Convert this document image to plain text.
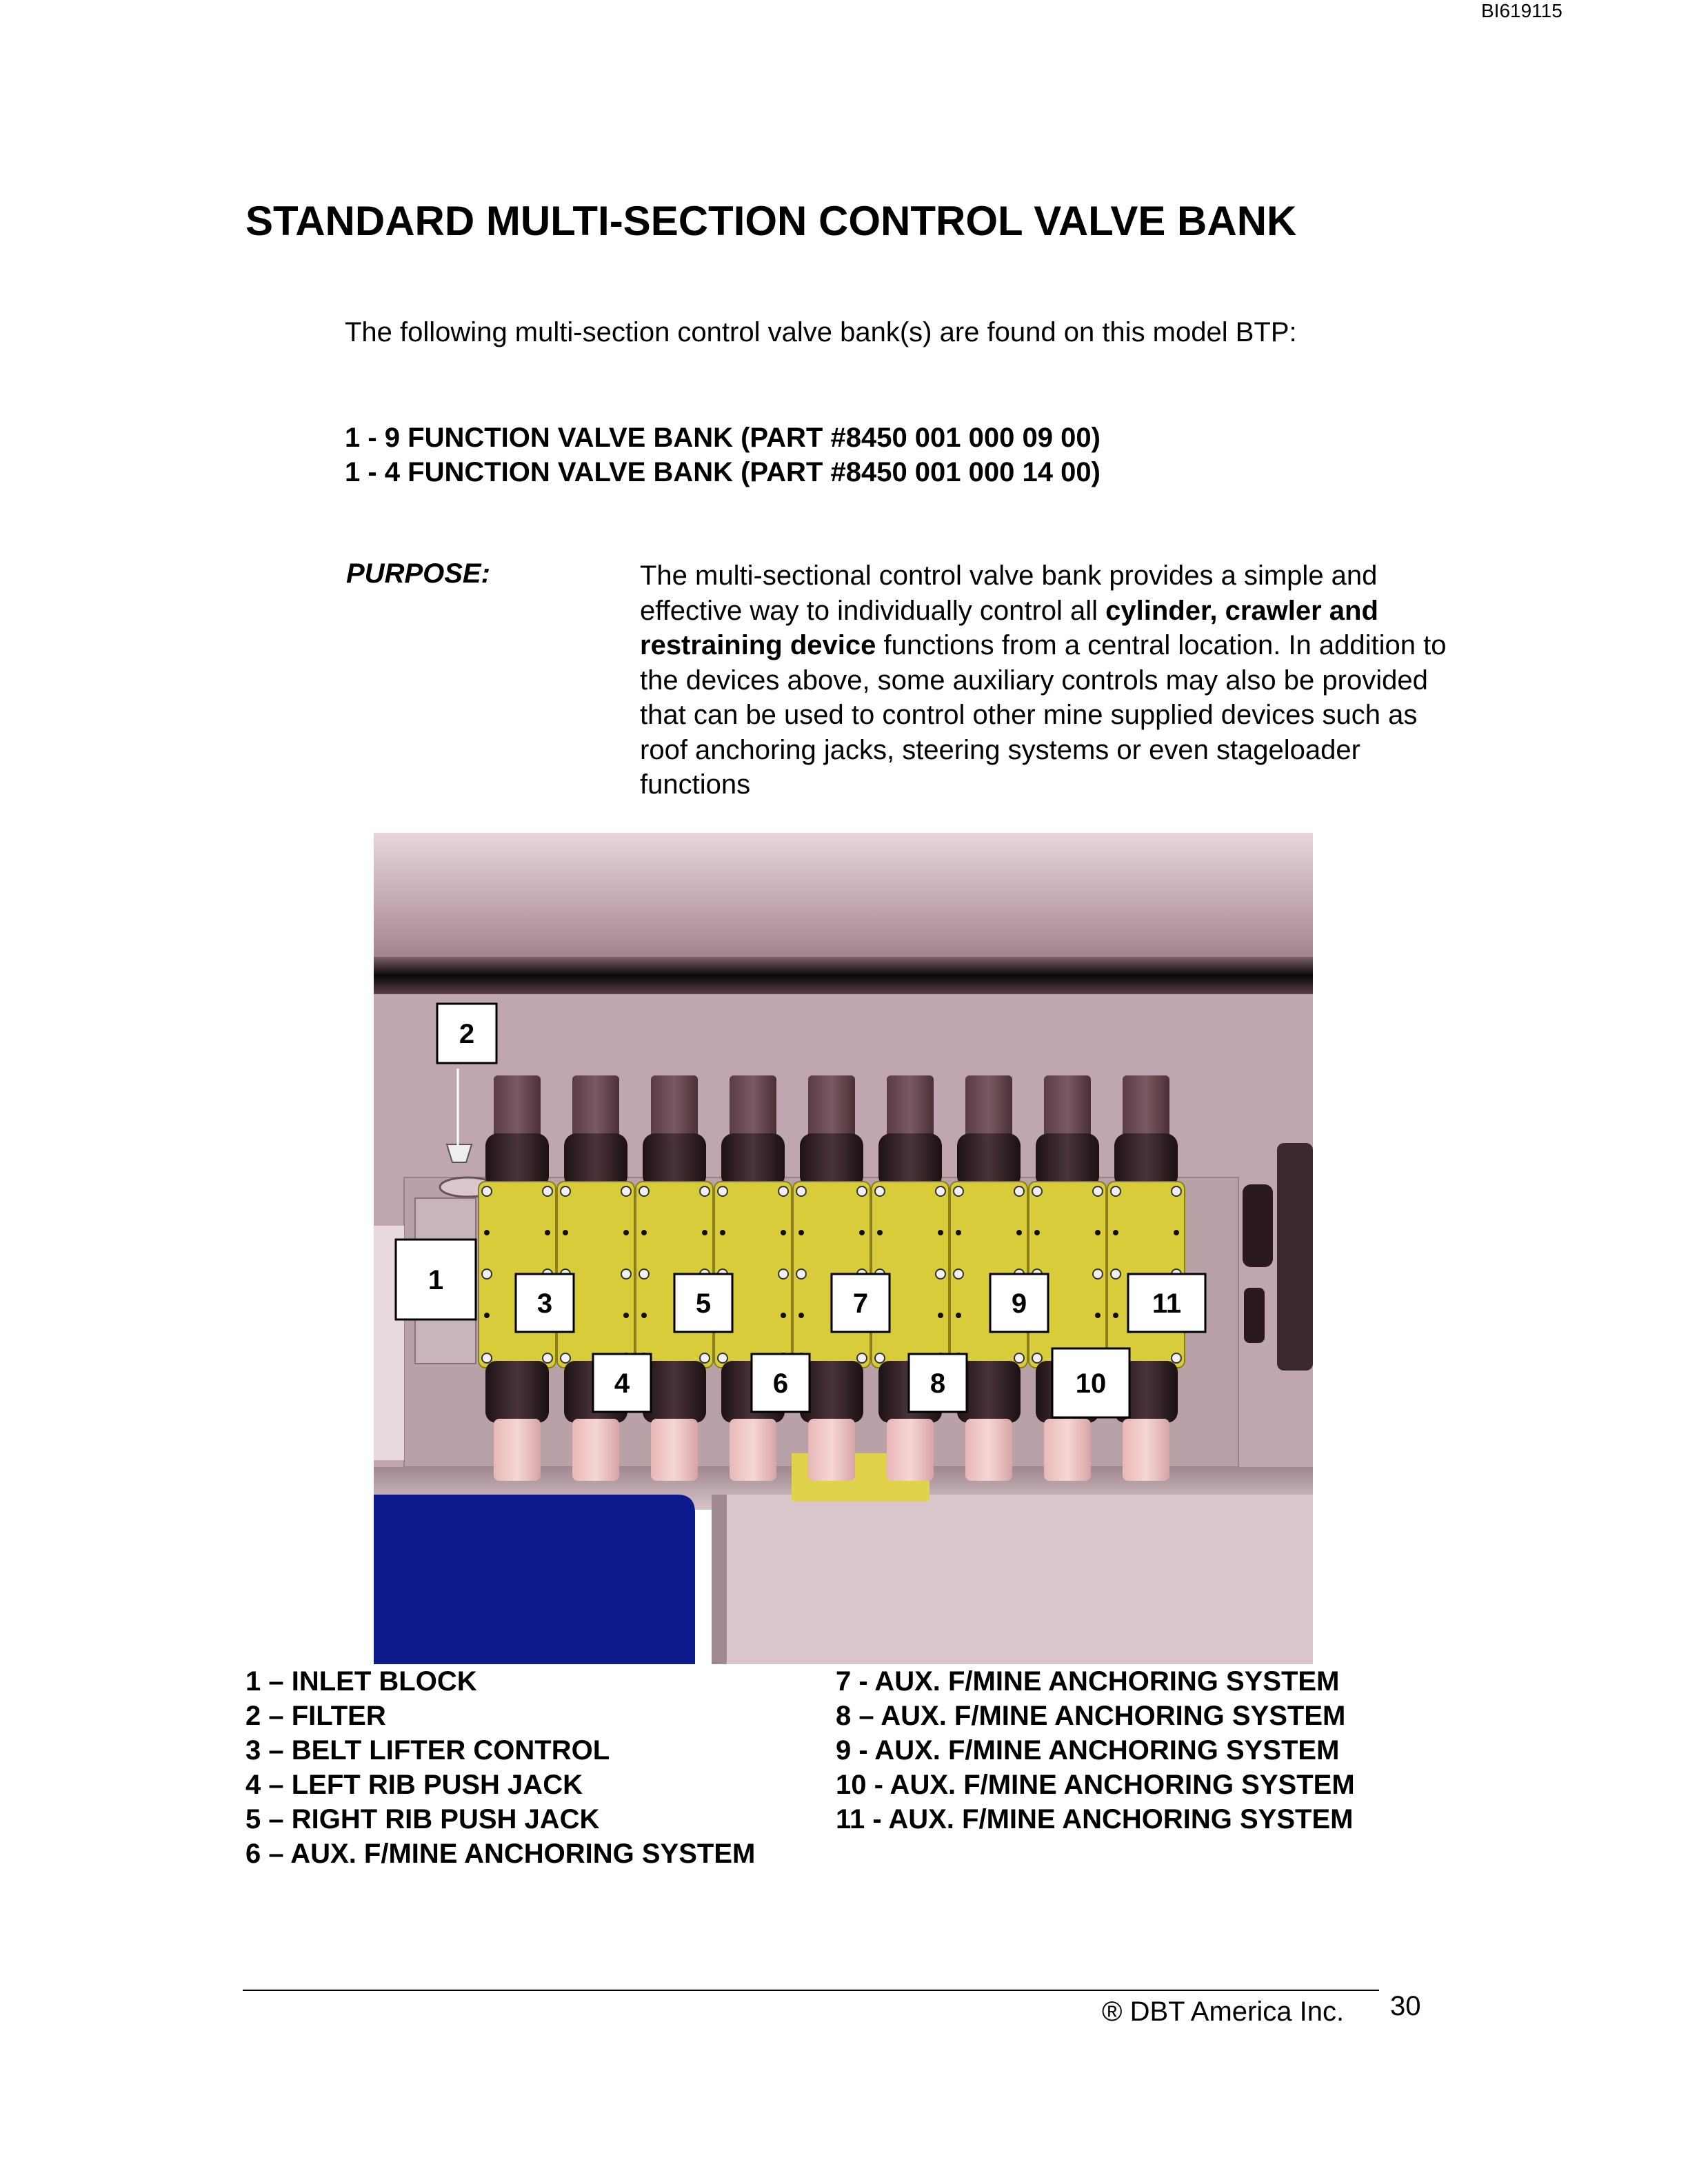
BI619115
STANDARD MULTI-SECTION CONTROL VALVE BANK
The following multi-section control valve bank(s) are found on this model BTP:
1 - 9 FUNCTION VALVE BANK (PART #8450 001 000 09 00)
1 - 4 FUNCTION VALVE BANK (PART #8450 001 000 14 00)
PURPOSE:	The multi-sectional control valve bank provides a simple and effective way to individually control all cylinder, crawler and restraining device functions from a central location. In addition to the devices above, some auxiliary controls may also be provided that can be used to control other mine supplied devices such as roof anchoring jacks, steering systems or even stageloader functions
1
2
3
4
5
6
7
8
9
10
11
1 – INLET BLOCK
2 – FILTER
3 – BELT LIFTER CONTROL
4 – LEFT RIB PUSH JACK
5 – RIGHT RIB PUSH JACK
6 – AUX. F/MINE ANCHORING SYSTEM
7 - AUX. F/MINE ANCHORING SYSTEM
8 – AUX. F/MINE ANCHORING SYSTEM
9 - AUX. F/MINE ANCHORING SYSTEM
10 - AUX. F/MINE ANCHORING SYSTEM
11 - AUX. F/MINE ANCHORING SYSTEM
® DBT America Inc. 30
